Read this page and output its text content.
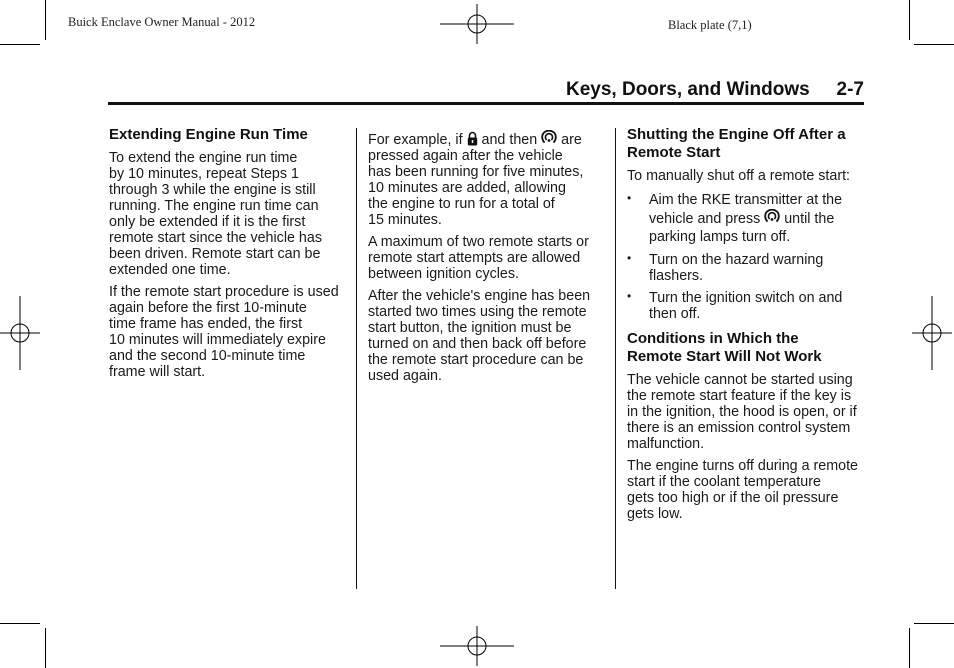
Buick Enclave Owner Manual - 2012	Black plate (7,1)
Keys, Doors, and Windows 2-7
Extending Engine Run Time

To extend the engine run time
by 10 minutes, repeat Steps 1
through 3 while the engine is still
running. The engine run time can
only be extended if it is the first
remote start since the vehicle has
been driven. Remote start can be
extended one time.

If the remote start procedure is used
again before the first 10-minute
time frame has ended, the first
10 minutes will immediately expire
and the second 10-minute time
frame will start.

For example, if and then are
pressed again after the vehicle
has been running for five minutes,
10 minutes are added, allowing
the engine to run for a total of
15 minutes.

A maximum of two remote starts or
remote start attempts are allowed
between ignition cycles.

After the vehicle's engine has been
started two times using the remote
start button, the ignition must be
turned on and then back off before
the remote start procedure can be
used again.

Shutting the Engine Off After a
Remote Start

To manually shut off a remote start:

• Aim the RKE transmitter at the
vehicle and press until the
parking lamps turn off.
• Turn on the hazard warning
flashers.
• Turn the ignition switch on and
then off.
Conditions in Which the
Remote Start Will Not Work

The vehicle cannot be started using
the remote start feature if the key is
in the ignition, the hood is open, or if
there is an emission control system
malfunction.

The engine turns off during a remote
start if the coolant temperature
gets too high or if the oil pressure
gets low.
